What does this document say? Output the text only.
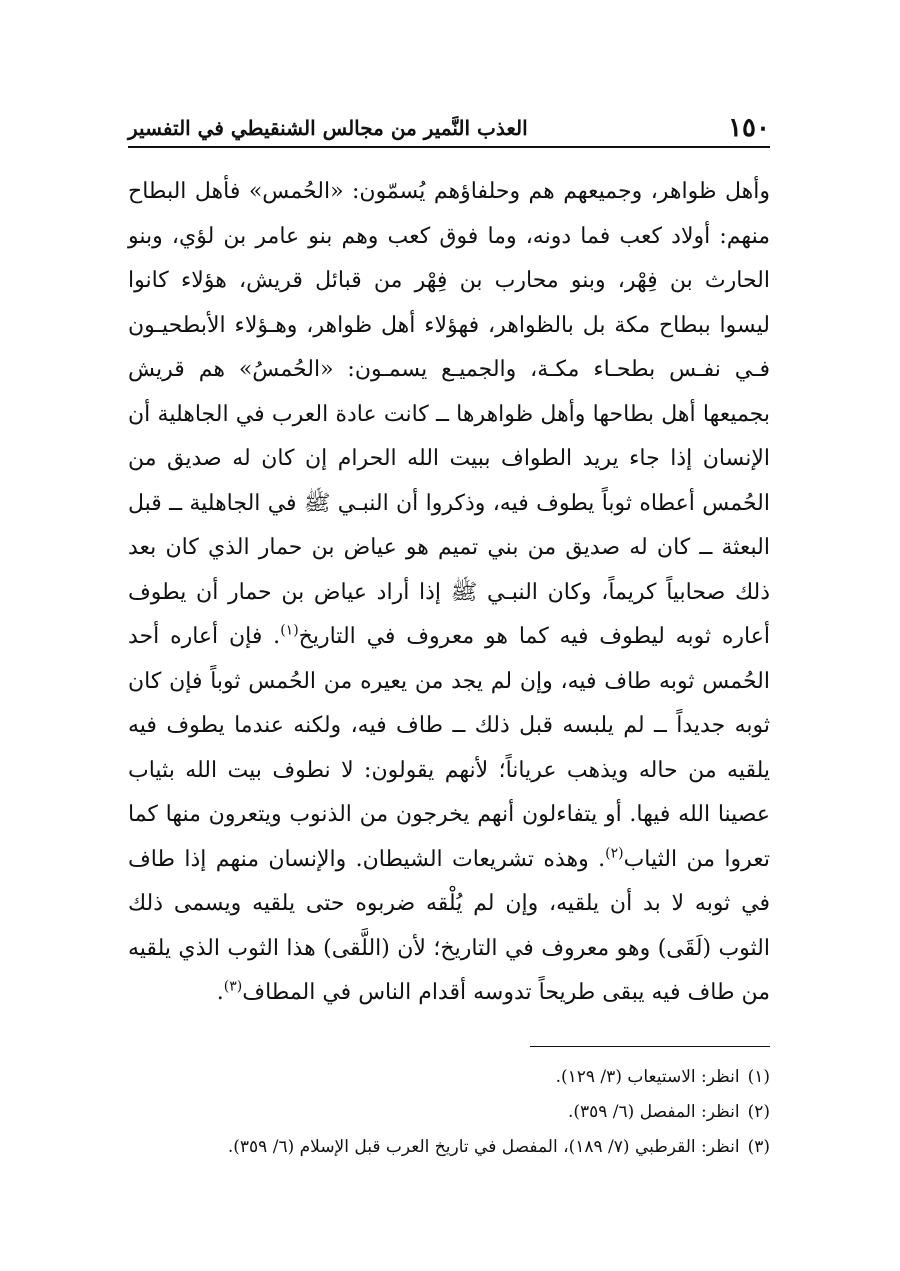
١٥٠
العذب النَّمير من مجالس الشنقيطي في التفسير

وأهل ظواهر، وجميعهم هم وحلفاؤهم يُسمّون: «الحُمس» فأهل البطاح منهم: أولاد كعب فما دونه، وما فوق كعب وهم بنو عامر بن لؤي، وبنو الحارث بن فِهْر، وبنو محارب بن فِهْر من قبائل قريش، هؤلاء كانوا ليسوا ببطاح مكة بل بالظواهر، فهؤلاء أهل ظواهر، وهـؤلاء الأبطحيـون فـي نفـس بطحـاء مكـة، والجميـع يسمـون: «الحُمسُ» هم قريش بجميعها أهل بطاحها وأهل ظواهرها ــ كانت عادة العرب في الجاهلية أن الإنسان إذا جاء يريد الطواف ببيت الله الحرام إن كان له صديق من الحُمس أعطاه ثوباً يطوف فيه، وذكروا أن النبـي ﷺ في الجاهلية ــ قبل البعثة ــ كان له صديق من بني تميم هو عياض بن حمار الذي كان بعد ذلك صحابياً كريماً، وكان النبـي ﷺ إذا أراد عياض بن حمار أن يطوف أعاره ثوبه ليطوف فيه كما هو معروف في التاريخ$^{(١)}$. فإن أعاره أحد الحُمس ثوبه طاف فيه، وإن لم يجد من يعيره من الحُمس ثوباً فإن كان ثوبه جديداً ــ لم يلبسه قبل ذلك ــ طاف فيه، ولكنه عندما يطوف فيه يلقيه من حاله ويذهب عرياناً؛ لأنهم يقولون: لا نطوف بيت الله بثياب عصينا الله فيها. أو يتفاءلون أنهم يخرجون من الذنوب ويتعرون منها كما تعروا من الثياب$^{(٢)}$. وهذه تشريعات الشيطان. والإنسان منهم إذا طاف في ثوبه لا بد أن يلقيه، وإن لم يُلْقه ضربوه حتى يلقيه ويسمى ذلك الثوب (لَقَى) وهو معروف في التاريخ؛ لأن (اللَّقى) هذا الثوب الذي يلقيه من طاف فيه يبقى طريحاً تدوسه أقدام الناس في المطاف$^{(٣)}$.

(١)انظر: الاستيعاب (٣/ ١٢٩).
(٢)انظر: المفصل (٦/ ٣٥٩).
(٣)انظر: القرطبي (٧/ ١٨٩)، المفصل في تاريخ العرب قبل الإسلام (٦/ ٣٥٩).
